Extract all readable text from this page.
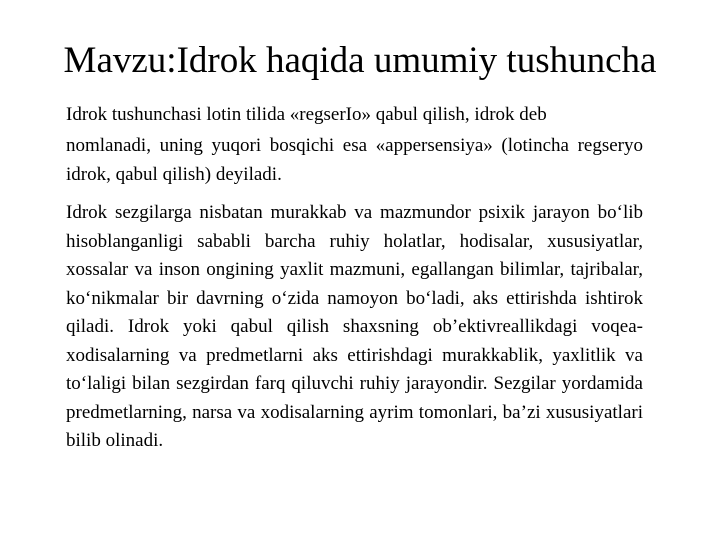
Mavzu:Idrok haqida umumiy tushuncha

Idrok tushunchasi lotin tilida «regserIo» qabul qilish, idrok deb

nomlanadi, uning yuqori bosqichi esa «appersensiya» (lotincha regseryo idrok, qabul qilish) deyiladi.

Idrok sezgilarga nisbatan murakkab va mazmundor psixik jarayon bo‘lib hisoblanganligi sababli barcha ruhiy holatlar, hodisalar, xususiyatlar, xossalar va inson ongining yaxlit mazmuni, egallangan bilimlar, tajribalar, ko‘nikmalar bir davrning o‘zida namoyon bo‘ladi, aks ettirishda ishtirok qiladi. Idrok yoki qabul qilish shaxsning ob’ektivreallikdagi voqea-xodisalarning va predmetlarni aks ettirishdagi murakkablik, yaxlitlik va to‘laligi bilan sezgirdan farq qiluvchi ruhiy jarayondir. Sezgilar yordamida predmetlarning, narsa va xodisalarning ayrim tomonlari, ba’zi xususiyatlari bilib olinadi.
